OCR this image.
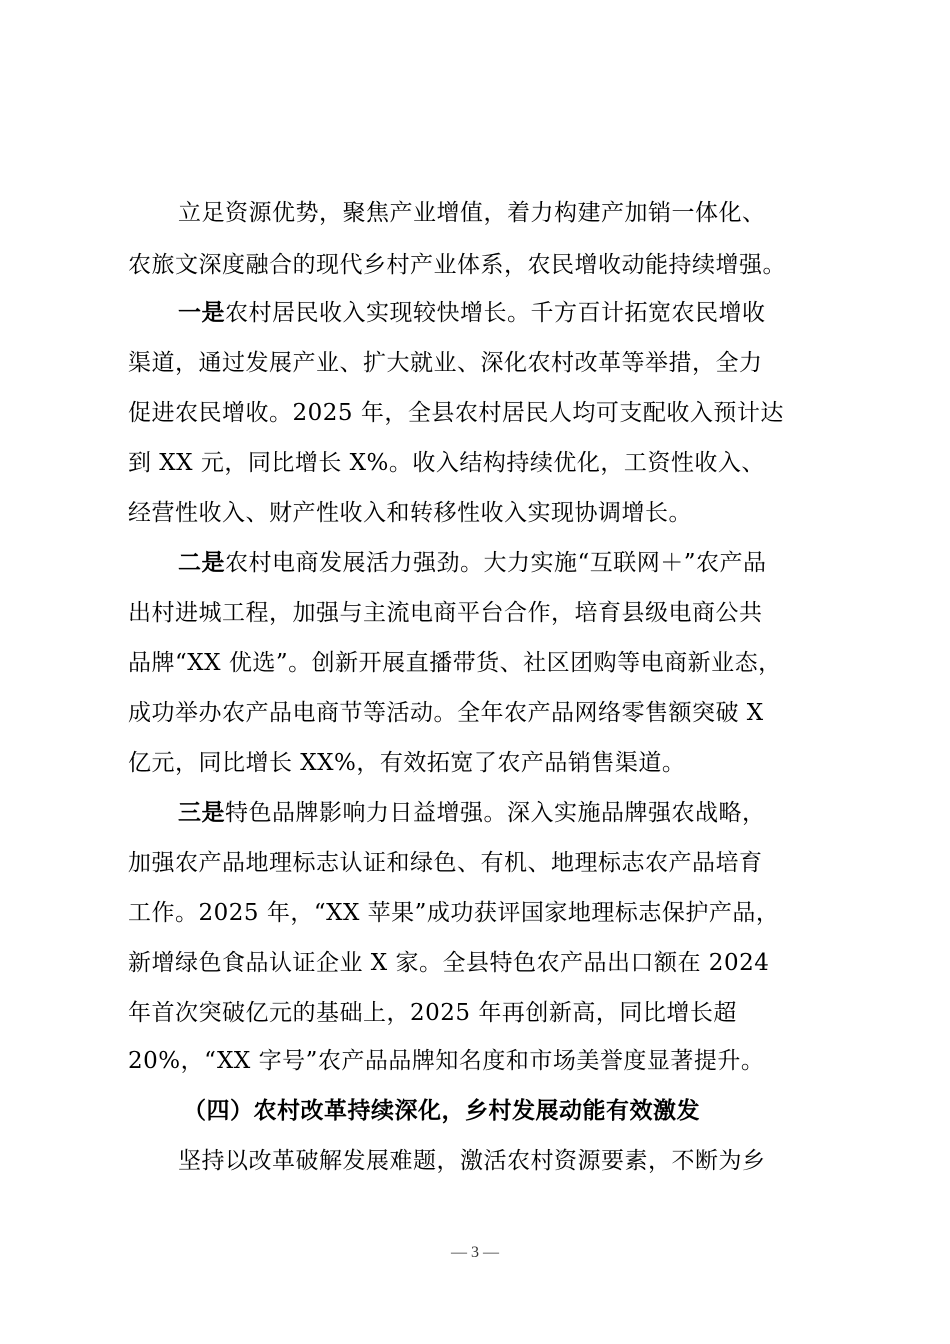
立足资源优势，聚焦产业增值，着力构建产加销一体化、
农旅文深度融合的现代乡村产业体系，农民增收动能持续增强。
一是农村居民收入实现较快增长。千方百计拓宽农民增收
渠道，通过发展产业、扩大就业、深化农村改革等举措，全力
促进农民增收。2025 年，全县农村居民人均可支配收入预计达
到 XX 元，同比增长 X%。收入结构持续优化，工资性收入、
经营性收入、财产性收入和转移性收入实现协调增长。
二是农村电商发展活力强劲。大力实施“互联网＋”农产品
出村进城工程，加强与主流电商平台合作，培育县级电商公共
品牌“XX 优选”。创新开展直播带货、社区团购等电商新业态，
成功举办农产品电商节等活动。全年农产品网络零售额突破 X
亿元，同比增长 XX%，有效拓宽了农产品销售渠道。
三是特色品牌影响力日益增强。深入实施品牌强农战略，
加强农产品地理标志认证和绿色、有机、地理标志农产品培育
工作。2025 年，“XX 苹果”成功获评国家地理标志保护产品，
新增绿色食品认证企业 X 家。全县特色农产品出口额在 2024
年首次突破亿元的基础上，2025 年再创新高，同比增长超
20%，“XX 字号”农产品品牌知名度和市场美誉度显著提升。
（四）农村改革持续深化，乡村发展动能有效激发
坚持以改革破解发展难题，激活农村资源要素，不断为乡
— 3 —
